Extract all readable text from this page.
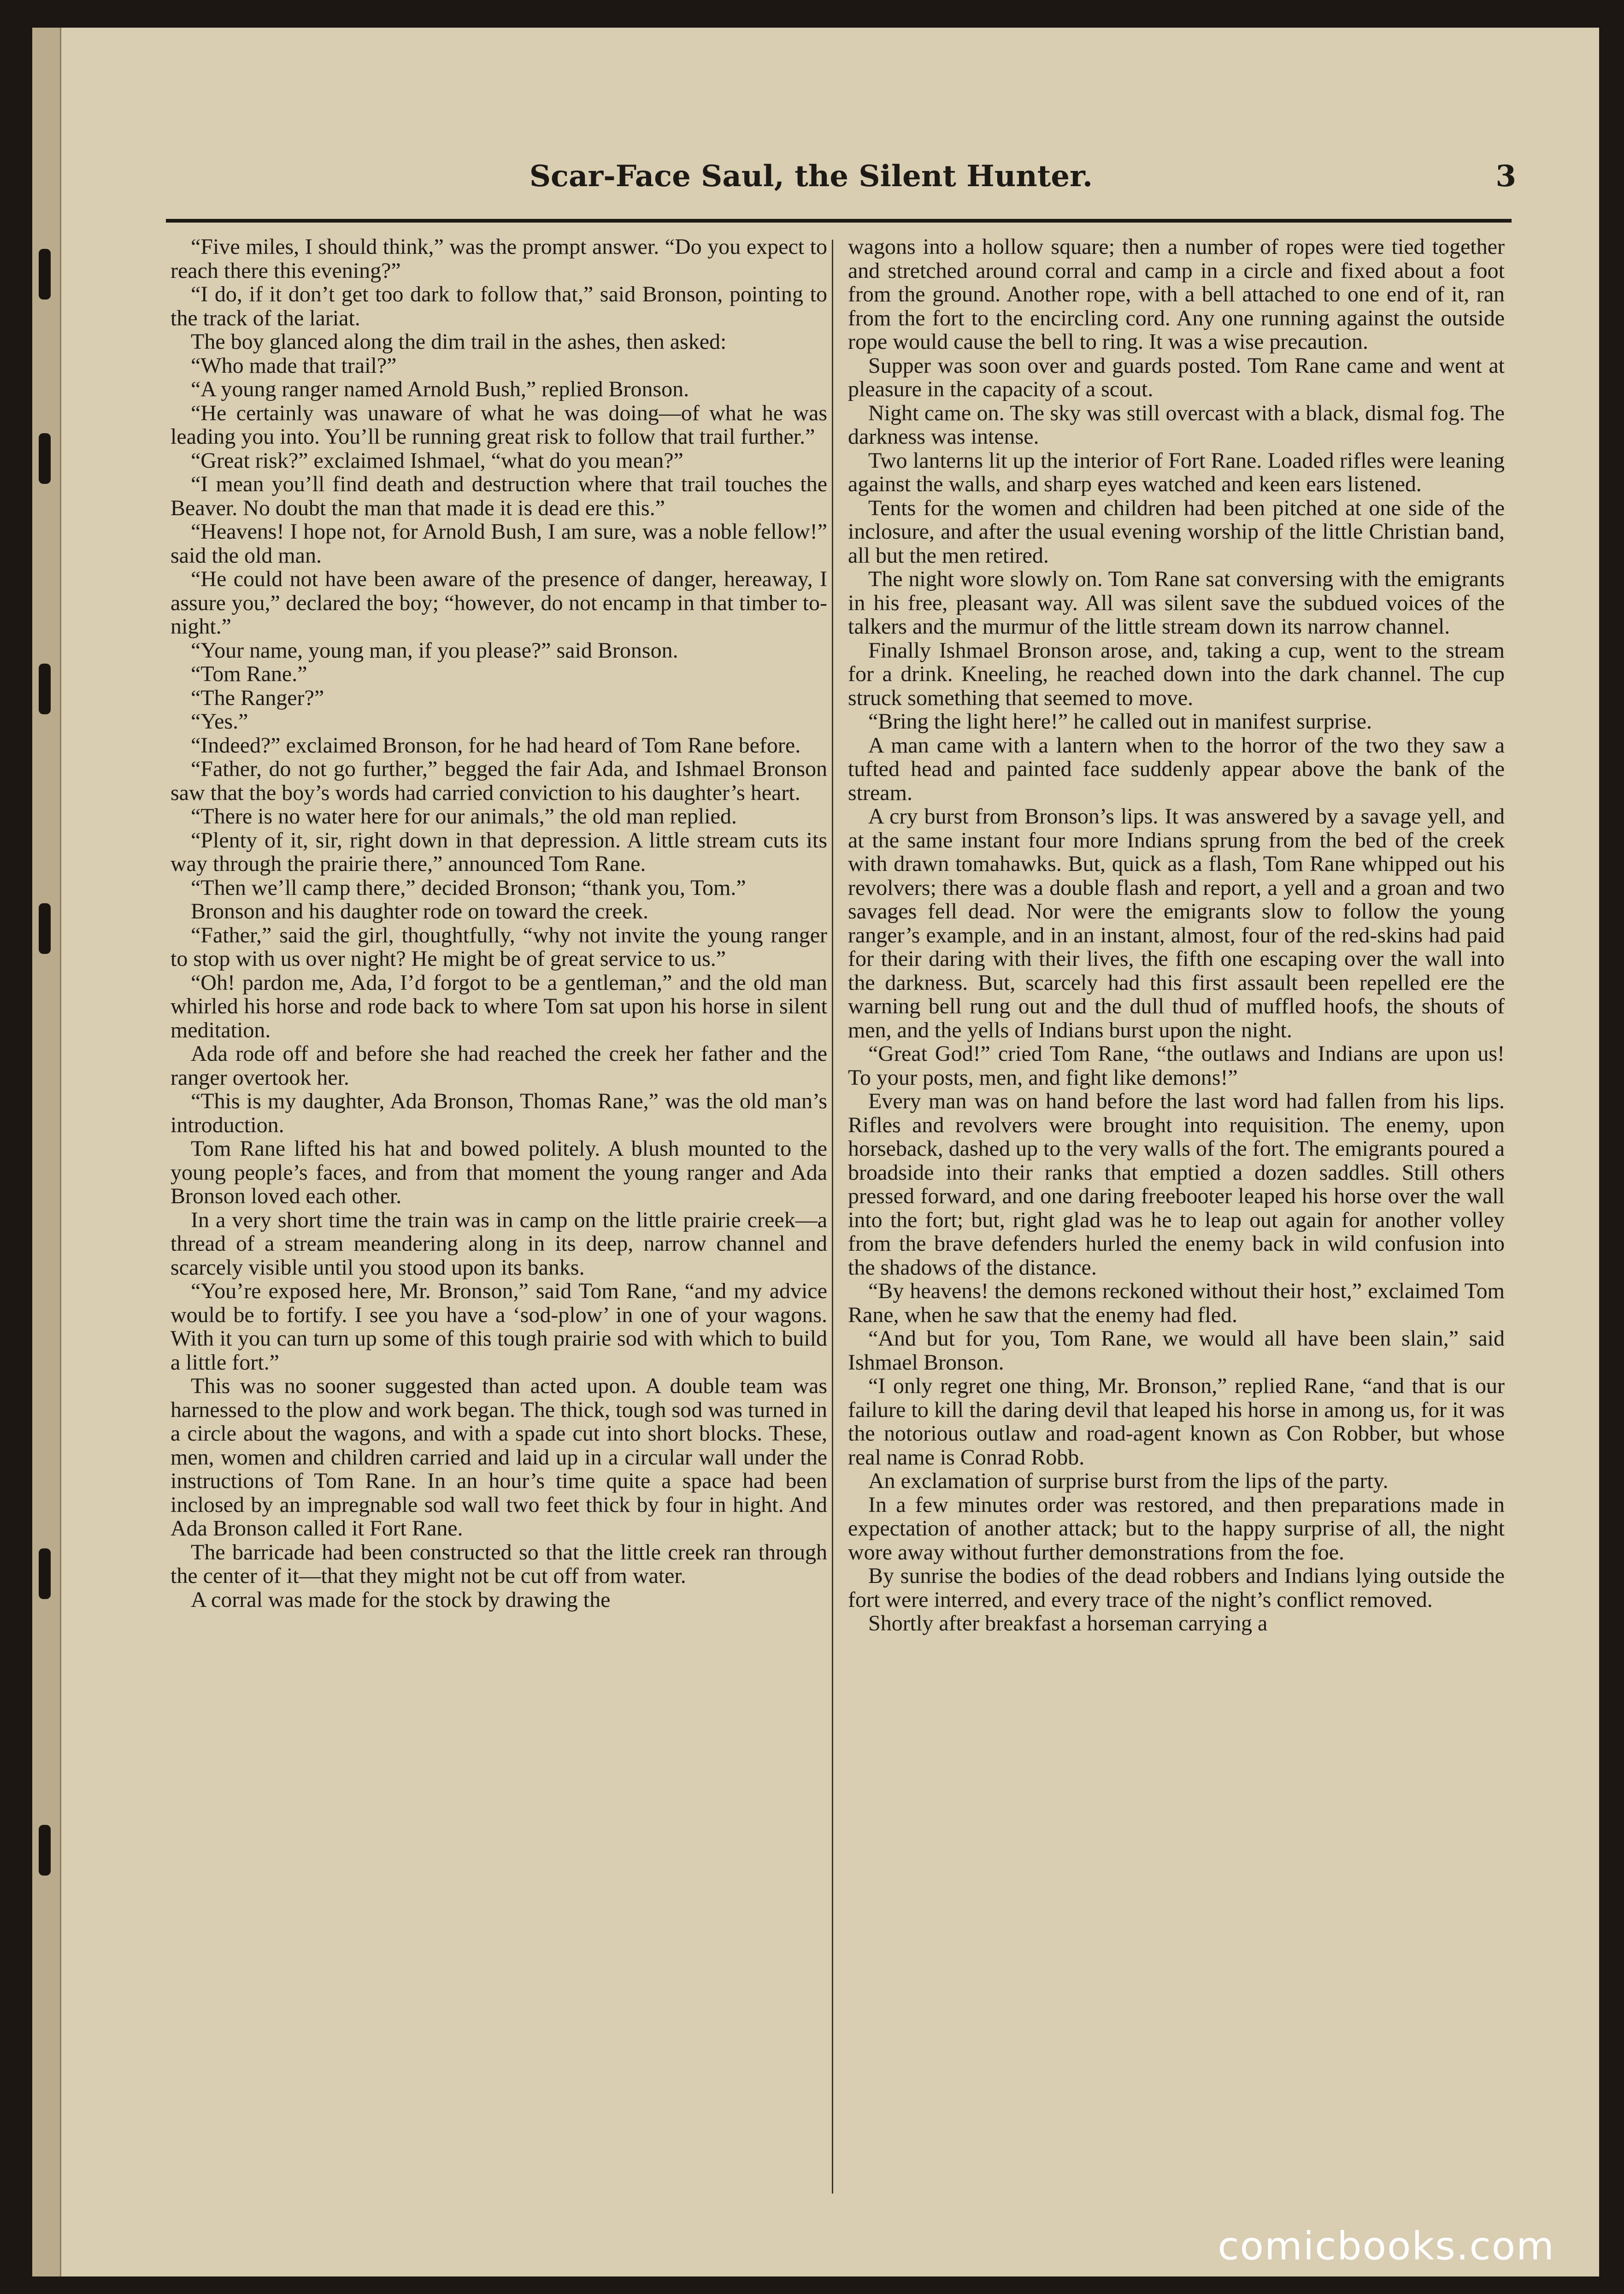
Scar-Face Saul, the Silent Hunter.	3

“Five miles, I should think,” was the prompt answer. “Do you expect to reach there this evening?”

“I do, if it don’t get too dark to follow that,” said Bronson, pointing to the track of the lariat.

The boy glanced along the dim trail in the ashes, then asked:

“Who made that trail?”

“A young ranger named Arnold Bush,” replied Bronson.

“He certainly was unaware of what he was doing—of what he was leading you into. You’ll be running great risk to follow that trail further.”

“Great risk?” exclaimed Ishmael, “what do you mean?”

“I mean you’ll find death and destruction where that trail touches the Beaver. No doubt the man that made it is dead ere this.”

“Heavens! I hope not, for Arnold Bush, I am sure, was a noble fellow!” said the old man.

“He could not have been aware of the presence of danger, hereaway, I assure you,” declared the boy; “however, do not encamp in that timber to-night.”

“Your name, young man, if you please?” said Bronson.

“Tom Rane.”

“The Ranger?”

“Yes.”

“Indeed?” exclaimed Bronson, for he had heard of Tom Rane before.

“Father, do not go further,” begged the fair Ada, and Ishmael Bronson saw that the boy’s words had carried conviction to his daughter’s heart.

“There is no water here for our animals,” the old man replied.

“Plenty of it, sir, right down in that depression. A little stream cuts its way through the prairie there,” announced Tom Rane.

“Then we’ll camp there,” decided Bronson; “thank you, Tom.”

Bronson and his daughter rode on toward the creek.

“Father,” said the girl, thoughtfully, “why not invite the young ranger to stop with us over night? He might be of great service to us.”

“Oh! pardon me, Ada, I’d forgot to be a gentleman,” and the old man whirled his horse and rode back to where Tom sat upon his horse in silent meditation.

Ada rode off and before she had reached the creek her father and the ranger overtook her.

“This is my daughter, Ada Bronson, Thomas Rane,” was the old man’s introduction.

Tom Rane lifted his hat and bowed politely. A blush mounted to the young people’s faces, and from that moment the young ranger and Ada Bronson loved each other.

In a very short time the train was in camp on the little prairie creek—a thread of a stream meandering along in its deep, narrow channel and scarcely visible until you stood upon its banks.

“You’re exposed here, Mr. Bronson,” said Tom Rane, “and my advice would be to fortify. I see you have a ‘sod-plow’ in one of your wagons. With it you can turn up some of this tough prairie sod with which to build a little fort.”

This was no sooner suggested than acted upon. A double team was harnessed to the plow and work began. The thick, tough sod was turned in a circle about the wagons, and with a spade cut into short blocks. These, men, women and children carried and laid up in a circular wall under the instructions of Tom Rane. In an hour’s time quite a space had been inclosed by an impregnable sod wall two feet thick by four in hight. And Ada Bronson called it Fort Rane.

The barricade had been constructed so that the little creek ran through the center of it—that they might not be cut off from water.

A corral was made for the stock by drawing the

wagons into a hollow square; then a number of ropes were tied together and stretched around corral and camp in a circle and fixed about a foot from the ground. Another rope, with a bell attached to one end of it, ran from the fort to the encircling cord. Any one running against the outside rope would cause the bell to ring. It was a wise precaution.

Supper was soon over and guards posted. Tom Rane came and went at pleasure in the capacity of a scout.

Night came on. The sky was still overcast with a black, dismal fog. The darkness was intense.

Two lanterns lit up the interior of Fort Rane. Loaded rifles were leaning against the walls, and sharp eyes watched and keen ears listened.

Tents for the women and children had been pitched at one side of the inclosure, and after the usual evening worship of the little Christian band, all but the men retired.

The night wore slowly on. Tom Rane sat conversing with the emigrants in his free, pleasant way. All was silent save the subdued voices of the talkers and the murmur of the little stream down its narrow channel.

Finally Ishmael Bronson arose, and, taking a cup, went to the stream for a drink. Kneeling, he reached down into the dark channel. The cup struck something that seemed to move.

“Bring the light here!” he called out in manifest surprise.

A man came with a lantern when to the horror of the two they saw a tufted head and painted face suddenly appear above the bank of the stream.

A cry burst from Bronson’s lips. It was answered by a savage yell, and at the same instant four more Indians sprung from the bed of the creek with drawn tomahawks. But, quick as a flash, Tom Rane whipped out his revolvers; there was a double flash and report, a yell and a groan and two savages fell dead. Nor were the emigrants slow to follow the young ranger’s example, and in an instant, almost, four of the red-skins had paid for their daring with their lives, the fifth one escaping over the wall into the darkness. But, scarcely had this first assault been repelled ere the warning bell rung out and the dull thud of muffled hoofs, the shouts of men, and the yells of Indians burst upon the night.

“Great God!” cried Tom Rane, “the outlaws and Indians are upon us! To your posts, men, and fight like demons!”

Every man was on hand before the last word had fallen from his lips. Rifles and revolvers were brought into requisition. The enemy, upon horseback, dashed up to the very walls of the fort. The emigrants poured a broadside into their ranks that emptied a dozen saddles. Still others pressed forward, and one daring freebooter leaped his horse over the wall into the fort; but, right glad was he to leap out again for another volley from the brave defenders hurled the enemy back in wild confusion into the shadows of the distance.

“By heavens! the demons reckoned without their host,” exclaimed Tom Rane, when he saw that the enemy had fled.

“And but for you, Tom Rane, we would all have been slain,” said Ishmael Bronson.

“I only regret one thing, Mr. Bronson,” replied Rane, “and that is our failure to kill the daring devil that leaped his horse in among us, for it was the notorious outlaw and road-agent known as Con Robber, but whose real name is Conrad Robb.

An exclamation of surprise burst from the lips of the party.

In a few minutes order was restored, and then preparations made in expectation of another attack; but to the happy surprise of all, the night wore away without further demonstrations from the foe.

By sunrise the bodies of the dead robbers and Indians lying outside the fort were interred, and every trace of the night’s conflict removed.

Shortly after breakfast a horseman carrying a

comicbooks.com
